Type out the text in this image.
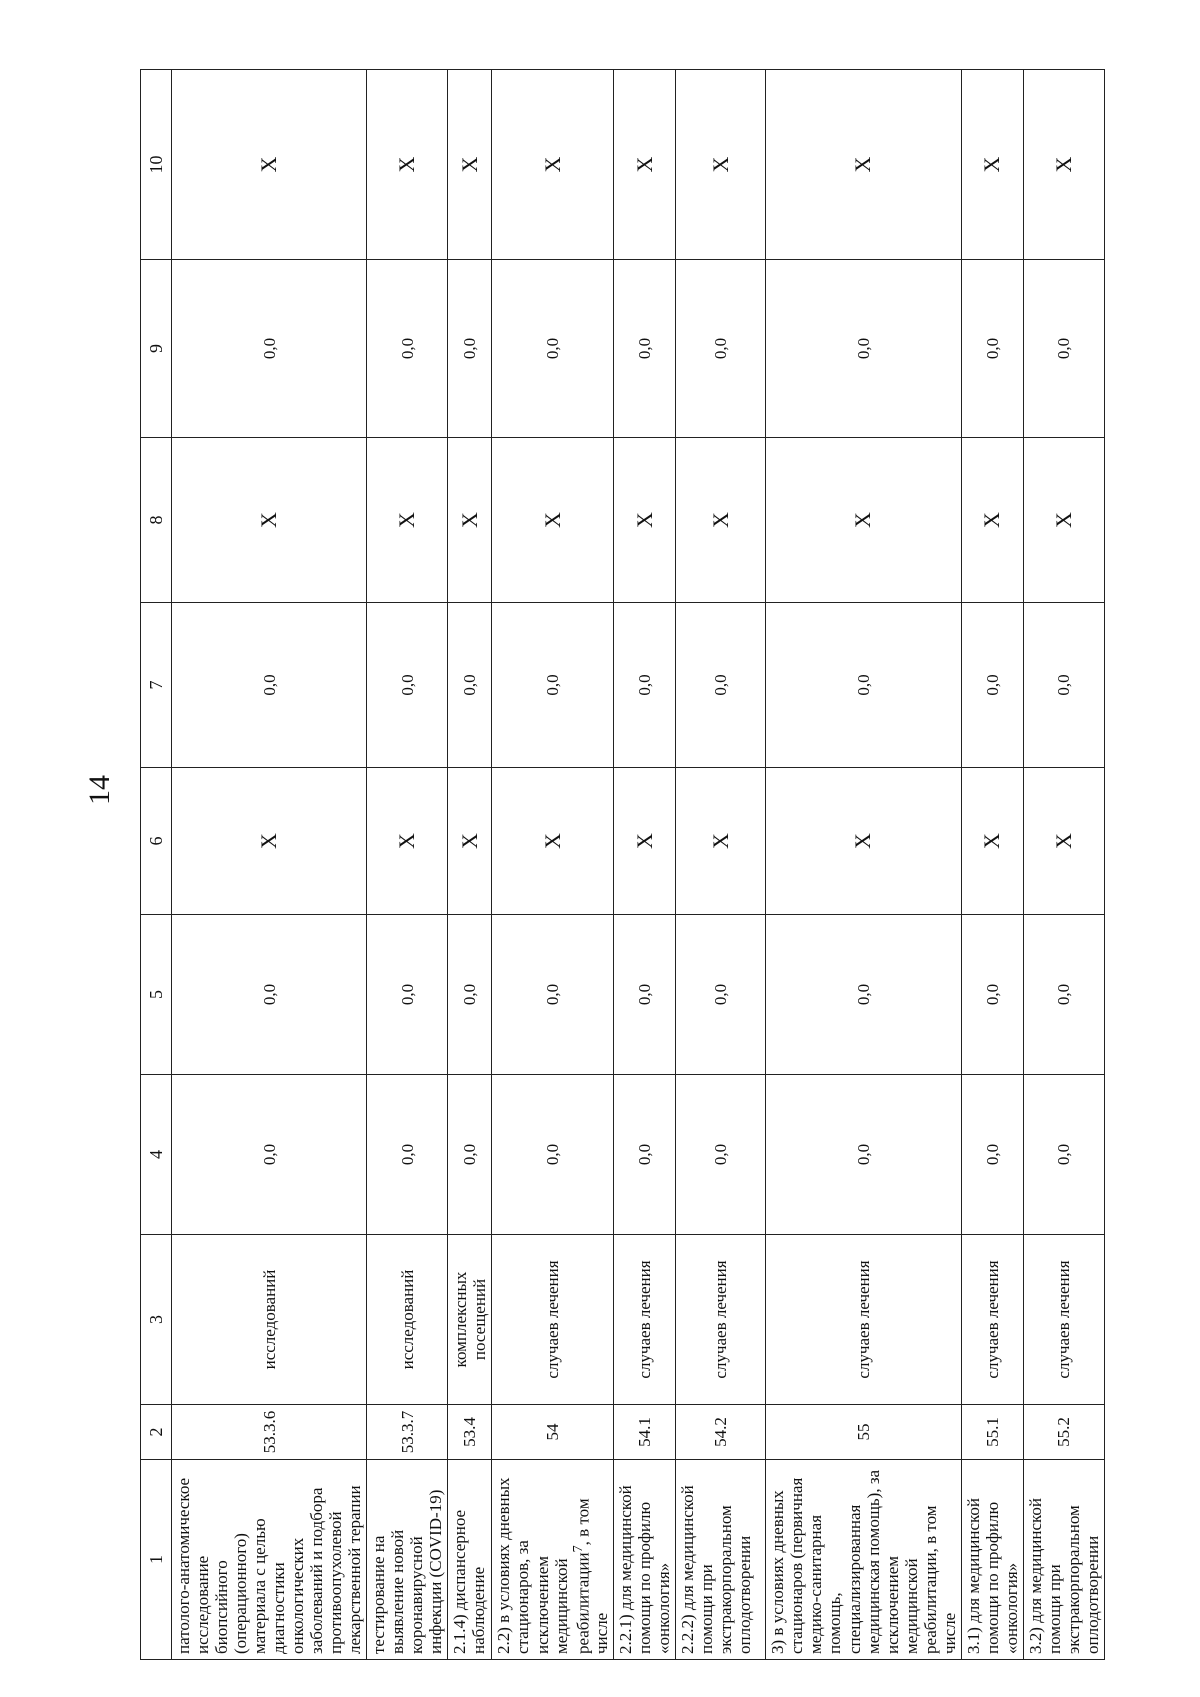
14
1	2	3	4	5	6	7	8	9	10
патолого-анатомическое исследование биопсийного (операционного) материала с целью диагностики онкологических заболеваний и подбора противоопухолевой лекарственной терапии	53.3.6	исследований	0,0	0,0	X	0,0	X	0,0	X
тестирование на выявление новой коронавирусной инфекции (COVID-19)	53.3.7	исследований	0,0	0,0	X	0,0	X	0,0	X
2.1.4) диспансерное наблюдение	53.4	комплексных посещений	0,0	0,0	X	0,0	X	0,0	X
2.2) в условиях дневных стационаров, за исключением медицинской реабилитации$^7$, в том числе	54	случаев лечения	0,0	0,0	X	0,0	X	0,0	X
2.2.1) для медицинской помощи по профилю «онкология»	54.1	случаев лечения	0,0	0,0	X	0,0	X	0,0	X
2.2.2) для медицинской помощи при экстракорпоральном оплодотворении	54.2	случаев лечения	0,0	0,0	X	0,0	X	0,0	X
3) в условиях дневных стационаров (первичная медико-санитарная помощь, специализированная медицинская помощь), за исключением медицинской реабилитации, в том числе	55	случаев лечения	0,0	0,0	X	0,0	X	0,0	X
3.1) для медицинской помощи по профилю «онкология»	55.1	случаев лечения	0,0	0,0	X	0,0	X	0,0	X
3.2) для медицинской помощи при экстракорпоральном оплодотворении	55.2	случаев лечения	0,0	0,0	X	0,0	X	0,0	X
